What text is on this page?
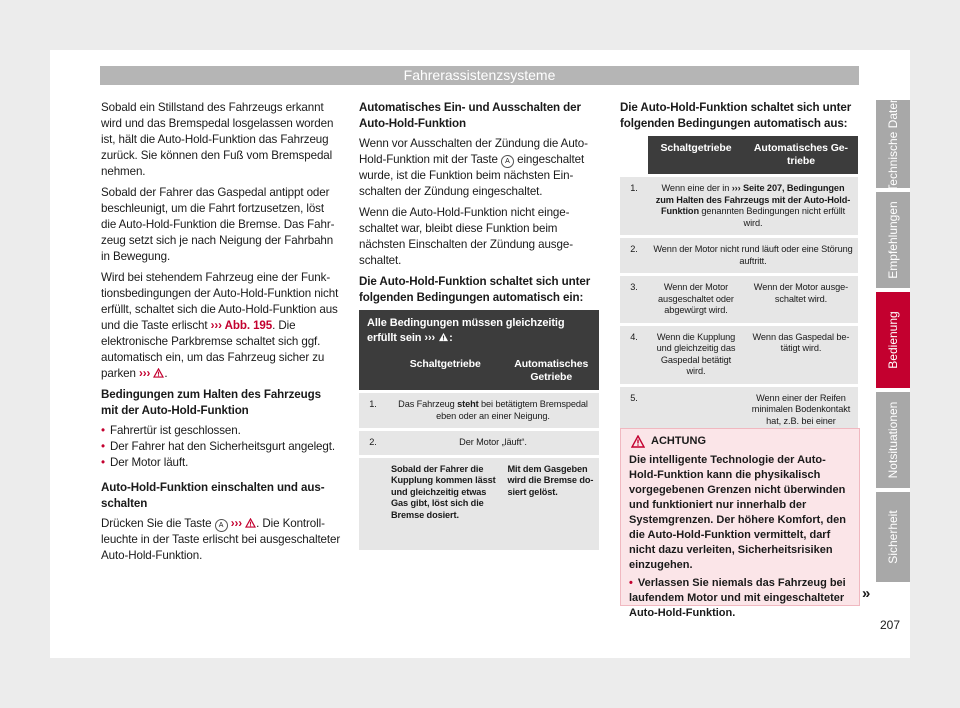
Fahrerassistenzsysteme

Sobald ein Stillstand des Fahrzeugs erkannt wird und das Bremspedal losgelassen worden ist, hält die Auto-Hold-Funktion das Fahrzeug zurück. Sie können den Fuß vom Bremspedal nehmen.

Sobald der Fahrer das Gaspedal antippt oder beschleunigt, um die Fahrt fortzusetzen, löst die Auto-Hold-Funktion die Bremse. Das Fahrzeug setzt sich je nach Neigung der Fahrbahn in Bewegung.

Wird bei stehendem Fahrzeug eine der Funktionsbedingungen der Auto-Hold-Funktion nicht erfüllt, schaltet sich die Auto-Hold-Funktion aus und die Taste erlischt ››› Abb. 195. Die elektronische Parkbremse schaltet sich ggf. automatisch ein, um das Fahrzeug sicher zu parken ››› .

Bedingungen zum Halten des Fahrzeugs mit der Auto-Hold-Funktion
• Fahrertür ist geschlossen.
• Der Fahrer hat den Sicherheitsgurt angelegt.
• Der Motor läuft.
Auto-Hold-Funktion einschalten und ausschalten

Drücken Sie die Taste A ››› . Die Kontrollleuchte in der Taste erlischt bei ausgeschalteter Auto-Hold-Funktion.

Automatisches Ein- und Ausschalten der Auto-Hold-Funktion

Wenn vor Ausschalten der Zündung die Auto-Hold-Funktion mit der Taste A eingeschaltet wurde, ist die Funktion beim nächsten Einschalten der Zündung eingeschaltet.

Wenn die Auto-Hold-Funktion nicht eingeschaltet war, bleibt diese Funktion beim nächsten Einschalten der Zündung ausgeschaltet.

Die Auto-Hold-Funktion schaltet sich unter folgenden Bedingungen automatisch ein:
Alle Bedingungen müssen gleichzeitig erfüllt sein ››› :		
	Schaltgetriebe	Automatisches Getriebe
1.	Das Fahrzeug steht bei betätigtem Bremspedal eben oder an einer Neigung.	
2.	Der Motor „läuft“.	
	Sobald der Fahrer die Kupplung kommen lässt und gleichzeitig etwas Gas gibt, löst sich die Bremse dosiert.	Mit dem Gasgeben wird die Bremse dosiert gelöst.
Die Auto-Hold-Funktion schaltet sich unter folgenden Bedingungen automatisch aus:
	Schaltgetriebe	Automatisches Getriebe
1.	Wenn eine der in ››› Seite 207, Bedingungen zum Halten des Fahrzeugs mit der Auto-Hold-Funktion genannten Bedingungen nicht erfüllt wird.	
2.	Wenn der Motor nicht rund läuft oder eine Störung auftritt.	
3.	Wenn der Motor ausgeschaltet oder abgewürgt wird.	Wenn der Motor ausgeschaltet wird.
4.	Wenn die Kupplung und gleichzeitig das Gaspedal betätigt wird.	Wenn das Gaspedal betätigt wird.
5.		Wenn einer der Reifen minimalen Bodenkontakt hat, z.B. bei einer
ACHTUNG
Die intelligente Technologie der Auto-Hold-Funktion kann die physikalisch vorgegebenen Grenzen nicht überwinden und funktioniert nur innerhalb der Systemgrenzen. Der höhere Komfort, den die Auto-Hold-Funktion vermittelt, darf nicht dazu verleiten, Sicherheitsrisiken einzugehen.
• Verlassen Sie niemals das Fahrzeug bei laufendem Motor und mit eingeschalteter Auto-Hold-Funktion.
»
Technische Daten
Empfehlungen
Bedienung
Notsituationen
Sicherheit
207
